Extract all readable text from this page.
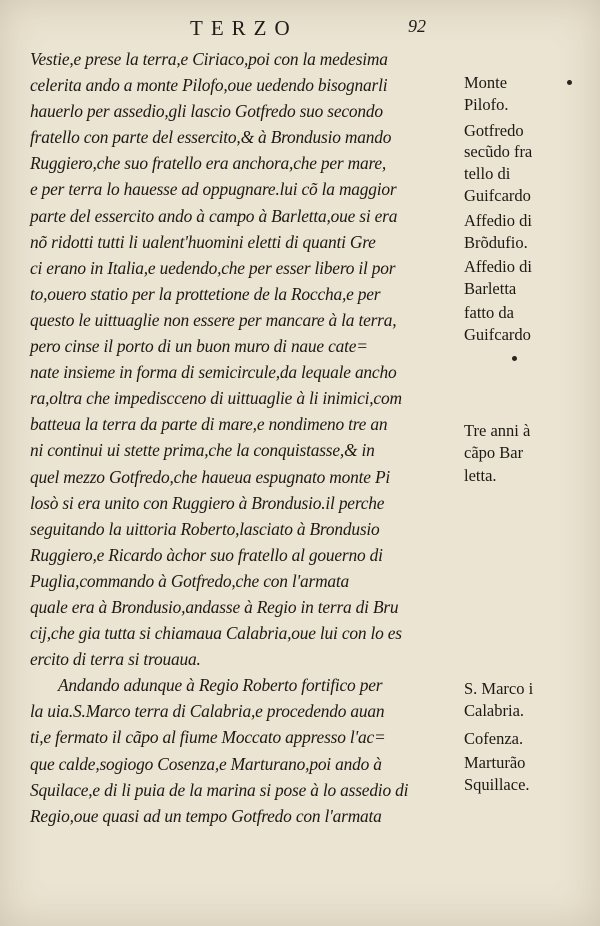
TERZO	92
Vestie,e prese la terra,e Ciriaco,poi con la medesima
celerita ando a monte Pilofo,oue uedendo bisognarli
hauerlo per assedio,gli lascio Gotfredo suo secondo
fratello con parte del essercito,& à Brondusio mando
Ruggiero,che suo fratello era anchora,che per mare,
e per terra lo hauesse ad oppugnare.lui cõ la maggior
parte del essercito ando à campo à Barletta,oue si era
nõ ridotti tutti li ualent'huomini eletti di quanti Gre
ci erano in Italia,e uedendo,che per esser libero il por
to,ouero statio per la prottetione de la Roccha,e per
questo le uittuaglie non essere per mancare à la terra,
pero cinse il porto di un buon muro di naue cate=
nate insieme in forma di semicircule,da lequale ancho
ra,oltra che impediscceno di uittuaglie à li inimici,com
batteua la terra da parte di mare,e nondimeno tre an
ni continui ui stette prima,che la conquistasse,& in
quel mezzo Gotfredo,che haueua espugnato monte Pi
losò si era unito con Ruggiero à Brondusio.il perche
seguitando la uittoria Roberto,lasciato à Brondusio
Ruggiero,e Ricardo àchor suo fratello al gouerno di
Puglia,commando à Gotfredo,che con l'armata
quale era à Brondusio,andasse à Regio in terra di Bru
cij,che gia tutta si chiamaua Calabria,oue lui con lo es
ercito di terra si trouaua.
Andando adunque à Regio Roberto fortifico per
la uia.S.Marco terra di Calabria,e procedendo auan
ti,e fermato il cãpo al fiume Moccato appresso l'ac=
que calde,sogiogo Cosenza,e Marturano,poi ando à
Squilace,e di li puia de la marina si pose à lo assedio di
Regio,oue quasi ad un tempo Gotfredo con l'armata
Monte
Pilofo.
Gotfredo
secũdo fra
tello di
Guifcardo
Affedio di
Brõdufio.
Affedio di
Barletta
fatto da
Guifcardo
Tre anni à
cãpo Bar
letta.
S. Marco i
Calabria.
Cofenza.
Marturão
Squillace.
